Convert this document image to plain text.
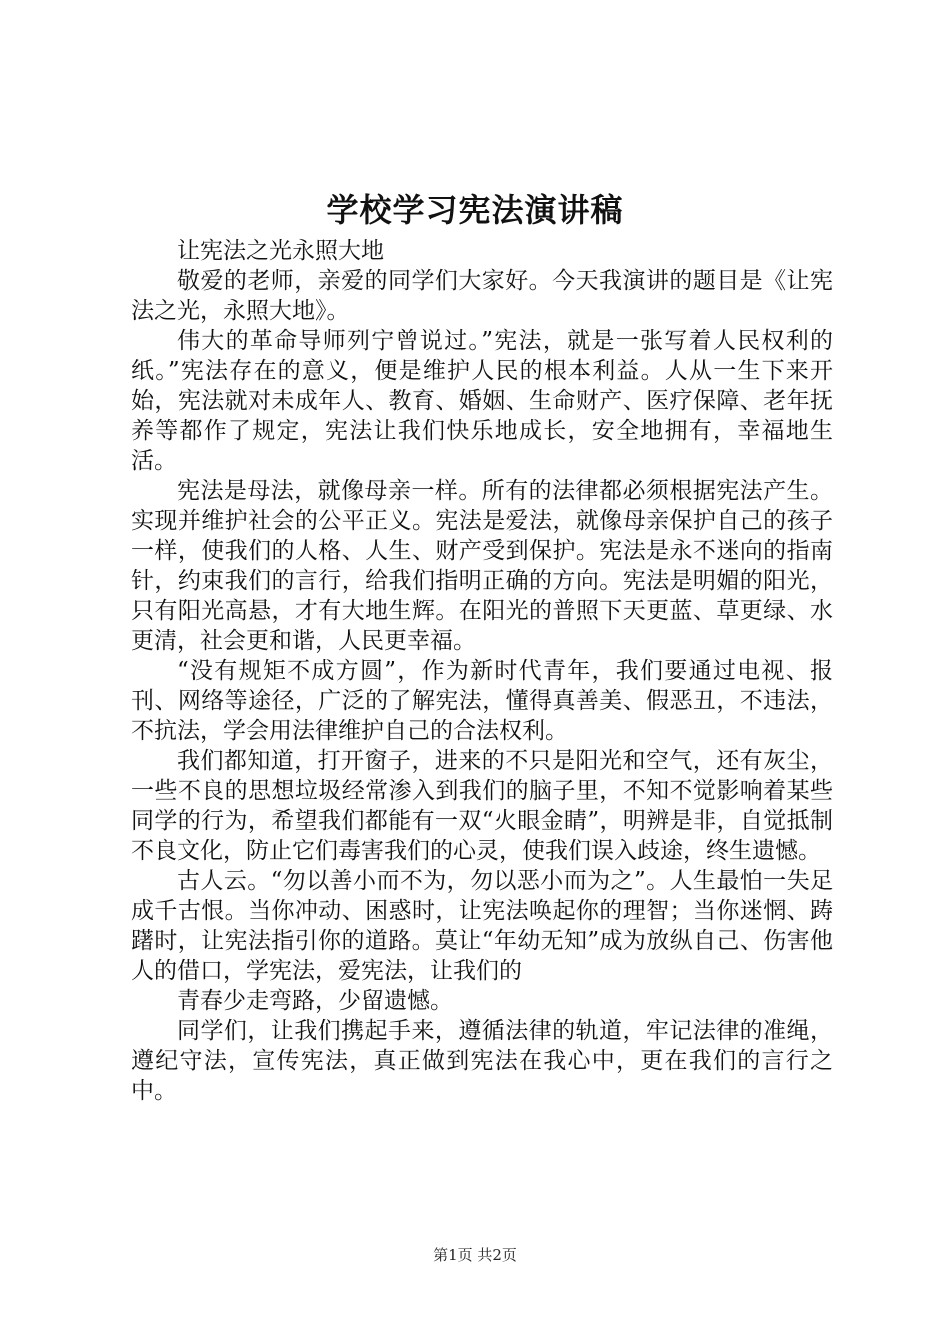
学校学习宪法演讲稿

让宪法之光永照大地

敬爱的老师，亲爱的同学们大家好。今天我演讲的题目是《让宪法之光，永照大地》。

伟大的革命导师列宁曾说过。”宪法，就是一张写着人民权利的纸。”宪法存在的意义，便是维护人民的根本利益。人从一生下来开始，宪法就对未成年人、教育、婚姻、生命财产、医疗保障、老年抚养等都作了规定，宪法让我们快乐地成长，安全地拥有，幸福地生活。

宪法是母法，就像母亲一样。所有的法律都必须根据宪法产生。实现并维护社会的公平正义。宪法是爱法，就像母亲保护自己的孩子一样，使我们的人格、人生、财产受到保护。宪法是永不迷向的指南针，约束我们的言行，给我们指明正确的方向。宪法是明媚的阳光，只有阳光高悬，才有大地生辉。在阳光的普照下天更蓝、草更绿、水更清，社会更和谐，人民更幸福。

“没有规矩不成方圆”，作为新时代青年，我们要通过电视、报刊、网络等途径，广泛的了解宪法，懂得真善美、假恶丑，不违法，不抗法，学会用法律维护自己的合法权利。

我们都知道，打开窗子，进来的不只是阳光和空气，还有灰尘，一些不良的思想垃圾经常渗入到我们的脑子里，不知不觉影响着某些同学的行为，希望我们都能有一双“火眼金睛”，明辨是非，自觉抵制不良文化，防止它们毒害我们的心灵，使我们误入歧途，终生遗憾。

古人云。“勿以善小而不为，勿以恶小而为之”。人生最怕一失足成千古恨。当你冲动、困惑时，让宪法唤起你的理智；当你迷惘、踌躇时，让宪法指引你的道路。莫让“年幼无知”成为放纵自己、伤害他人的借口，学宪法，爱宪法，让我们的

青春少走弯路，少留遗憾。

同学们，让我们携起手来，遵循法律的轨道，牢记法律的准绳，遵纪守法，宣传宪法，真正做到宪法在我心中，更在我们的言行之中。

第1页 共2页
